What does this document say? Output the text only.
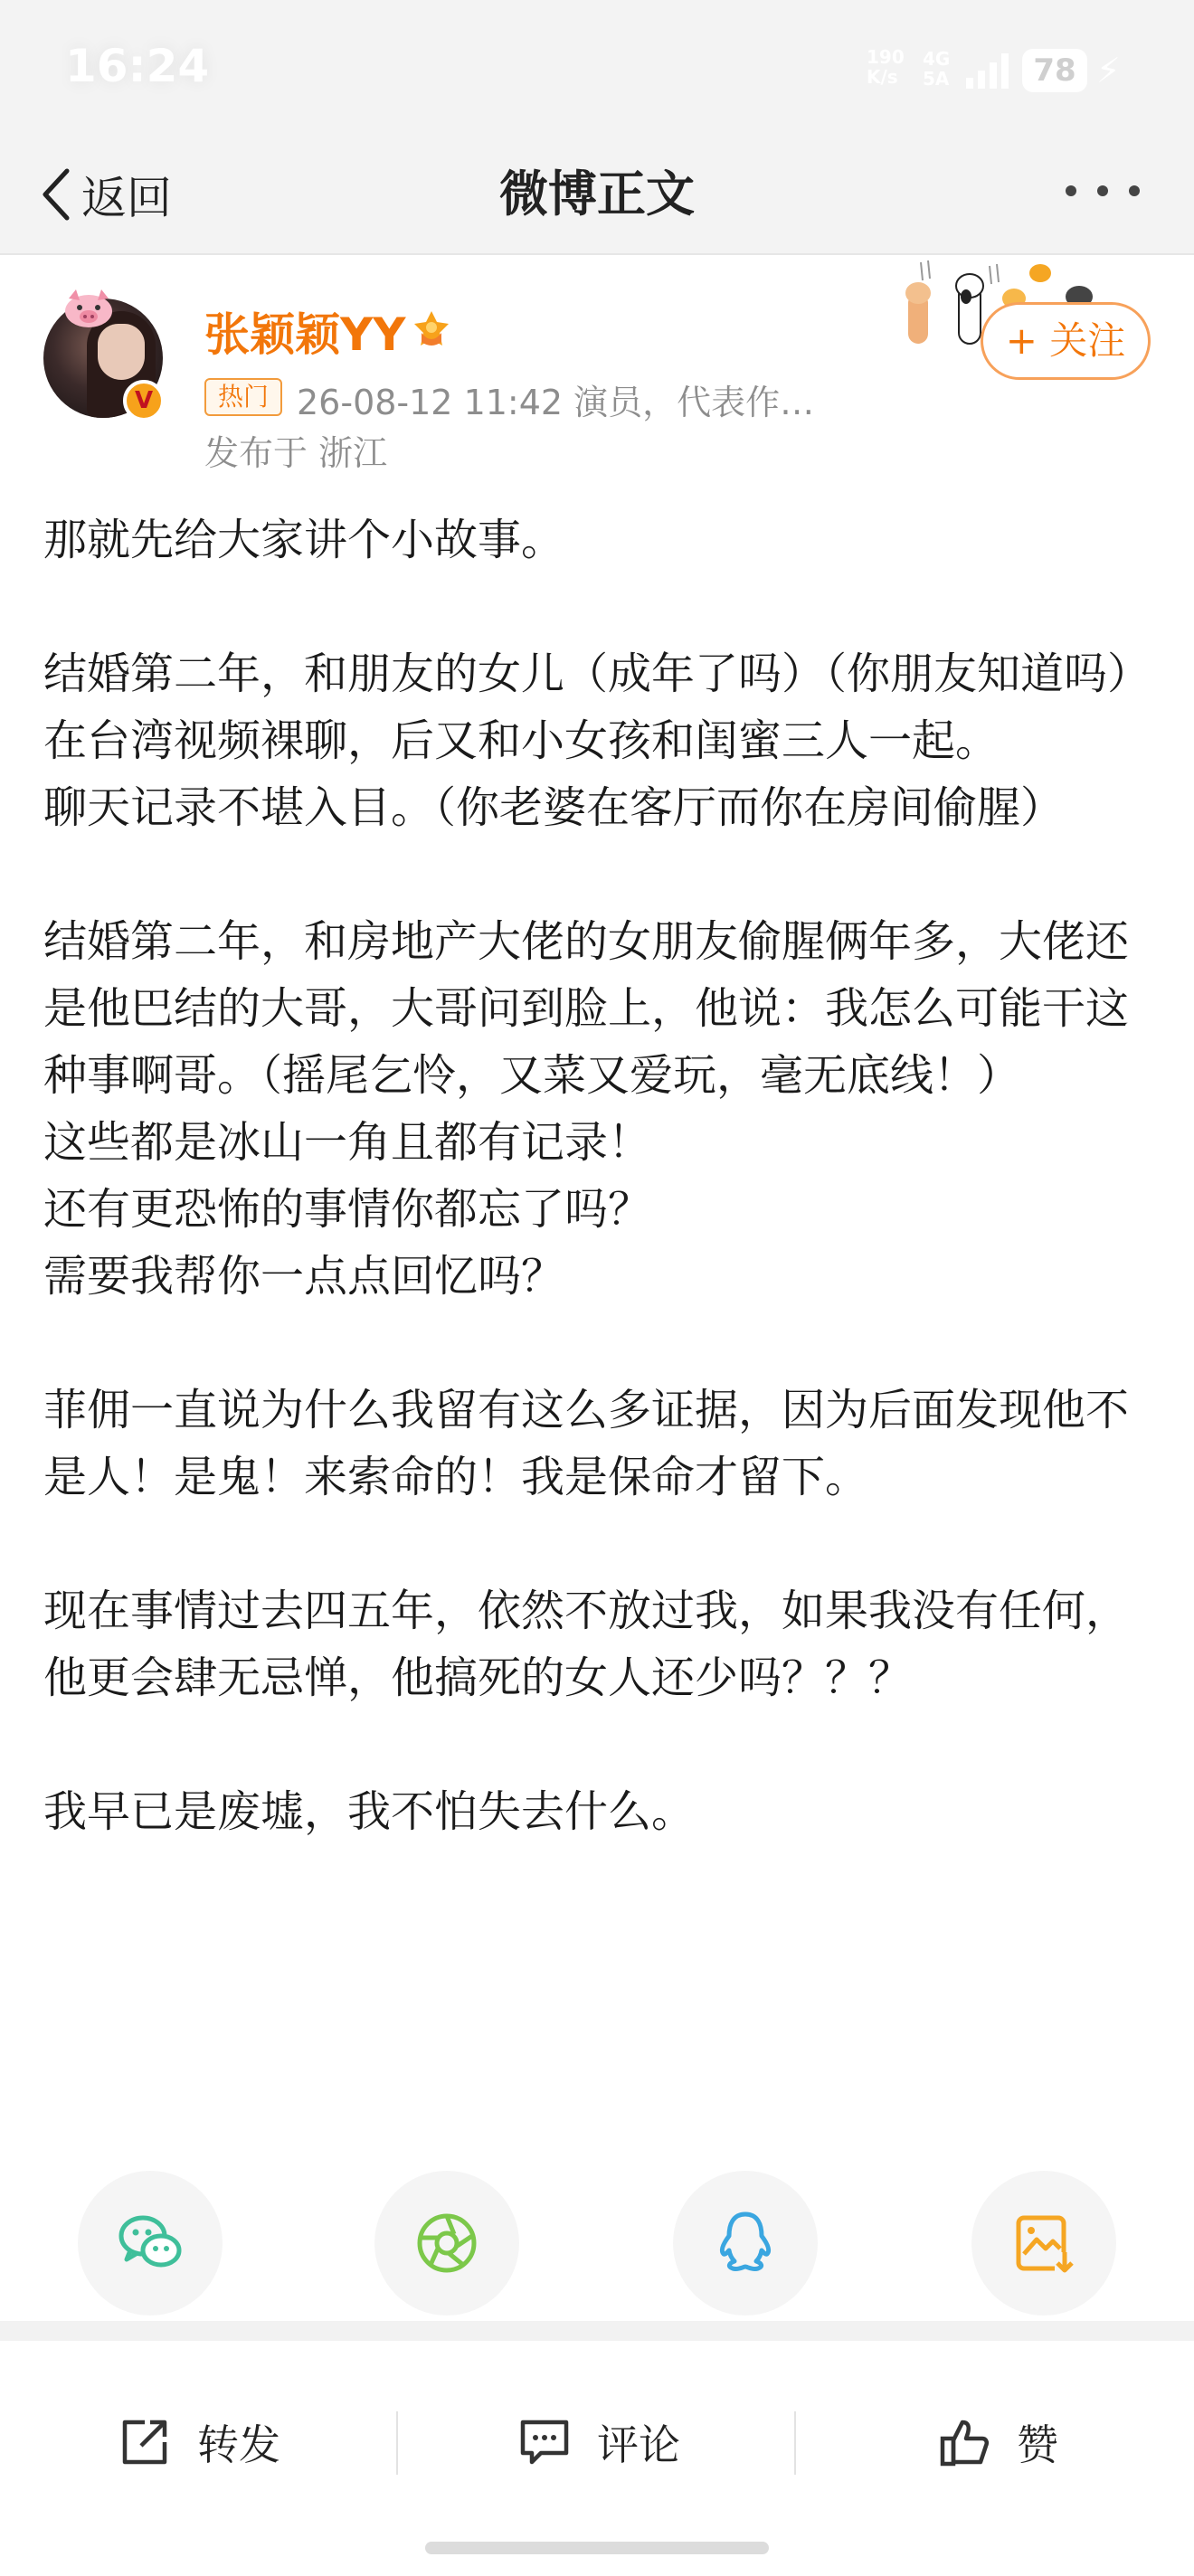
16:24	190
K/s
4G
5A	78 ⚡
返回	微博正文
V
张颖颖YY
热门 26-08-12 11:42 演员，代表作…
发布于 浙江
+ 关注

那就先给大家讲个小故事。

结婚第二年，和朋友的女儿（成年了吗）（你朋友知道吗）在台湾视频裸聊，后又和小女孩和闺蜜三人一起。

聊天记录不堪入目。（你老婆在客厅而你在房间偷腥）

结婚第二年，和房地产大佬的女朋友偷腥俩年多，大佬还是他巴结的大哥，大哥问到脸上，他说：我怎么可能干这种事啊哥。（摇尾乞怜，又菜又爱玩，毫无底线！）

这些都是冰山一角且都有记录！

还有更恐怖的事情你都忘了吗？

需要我帮你一点点回忆吗？

菲佣一直说为什么我留有这么多证据，因为后面发现他不是人！是鬼！来索命的！我是保命才留下。

现在事情过去四五年，依然不放过我，如果我没有任何，他更会肆无忌惮，他搞死的女人还少吗？？？

我早已是废墟，我不怕失去什么。

转发	评论	赞
